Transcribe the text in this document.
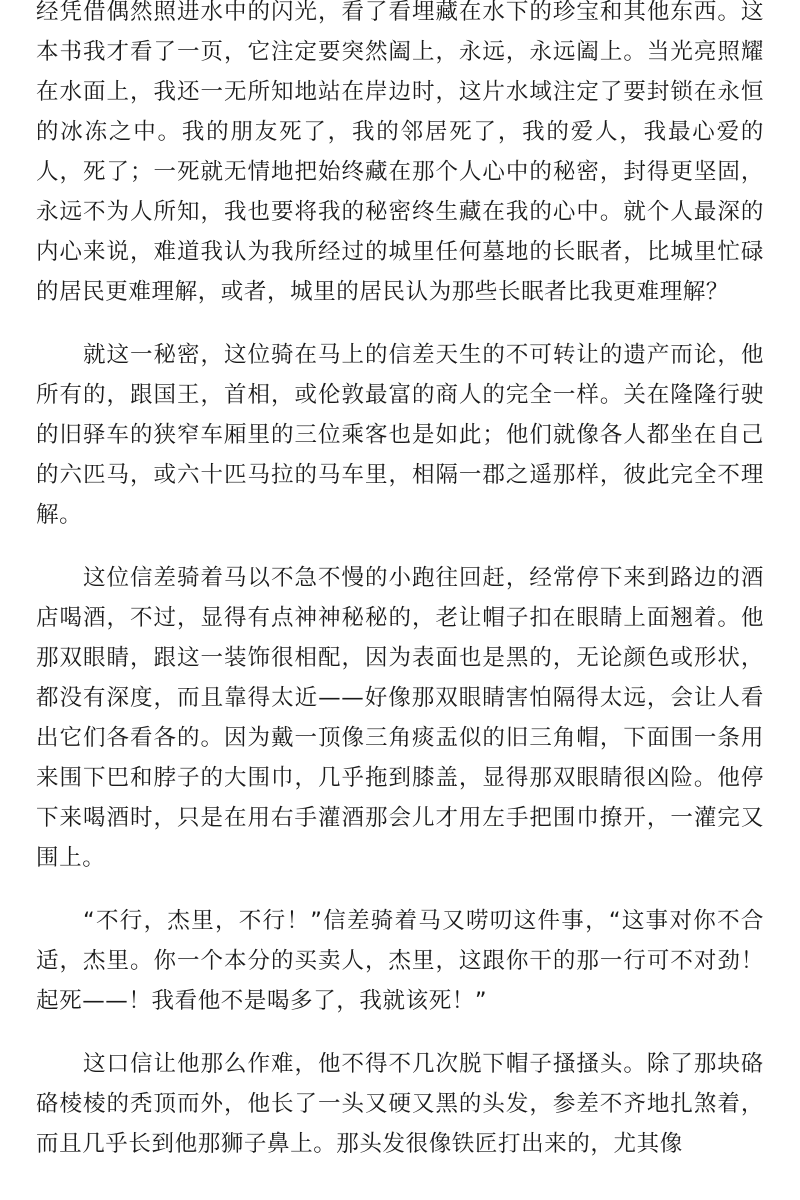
经凭借偶然照进水中的闪光，看了看埋藏在水下的珍宝和其他东西。这本书我才看了一页，它注定要突然阖上，永远，永远阖上。当光亮照耀在水面上，我还一无所知地站在岸边时，这片水域注定了要封锁在永恒的冰冻之中。我的朋友死了，我的邻居死了，我的爱人，我最心爱的人，死了；一死就无情地把始终藏在那个人心中的秘密，封得更坚固，永远不为人所知，我也要将我的秘密终生藏在我的心中。就个人最深的内心来说，难道我认为我所经过的城里任何墓地的长眠者，比城里忙碌的居民更难理解，或者，城里的居民认为那些长眠者比我更难理解？

就这一秘密，这位骑在马上的信差天生的不可转让的遗产而论，他所有的，跟国王，首相，或伦敦最富的商人的完全一样。关在隆隆行驶的旧驿车的狭窄车厢里的三位乘客也是如此；他们就像各人都坐在自己的六匹马，或六十匹马拉的马车里，相隔一郡之遥那样，彼此完全不理解。

这位信差骑着马以不急不慢的小跑往回赶，经常停下来到路边的酒店喝酒，不过，显得有点神神秘秘的，老让帽子扣在眼睛上面翘着。他那双眼睛，跟这一装饰很相配，因为表面也是黑的，无论颜色或形状，都没有深度，而且靠得太近——好像那双眼睛害怕隔得太远，会让人看出它们各看各的。因为戴一顶像三角痰盂似的旧三角帽，下面围一条用来围下巴和脖子的大围巾，几乎拖到膝盖，显得那双眼睛很凶险。他停下来喝酒时，只是在用右手灌酒那会儿才用左手把围巾撩开，一灌完又围上。

“不行，杰里，不行！”信差骑着马又唠叨这件事，“这事对你不合适，杰里。你一个本分的买卖人，杰里，这跟你干的那一行可不对劲！起死——！我看他不是喝多了，我就该死！”

这口信让他那么作难，他不得不几次脱下帽子搔搔头。除了那块硌硌棱棱的秃顶而外，他长了一头又硬又黑的头发，参差不齐地扎煞着，而且几乎长到他那狮子鼻上。那头发很像铁匠打出来的，尤其像
